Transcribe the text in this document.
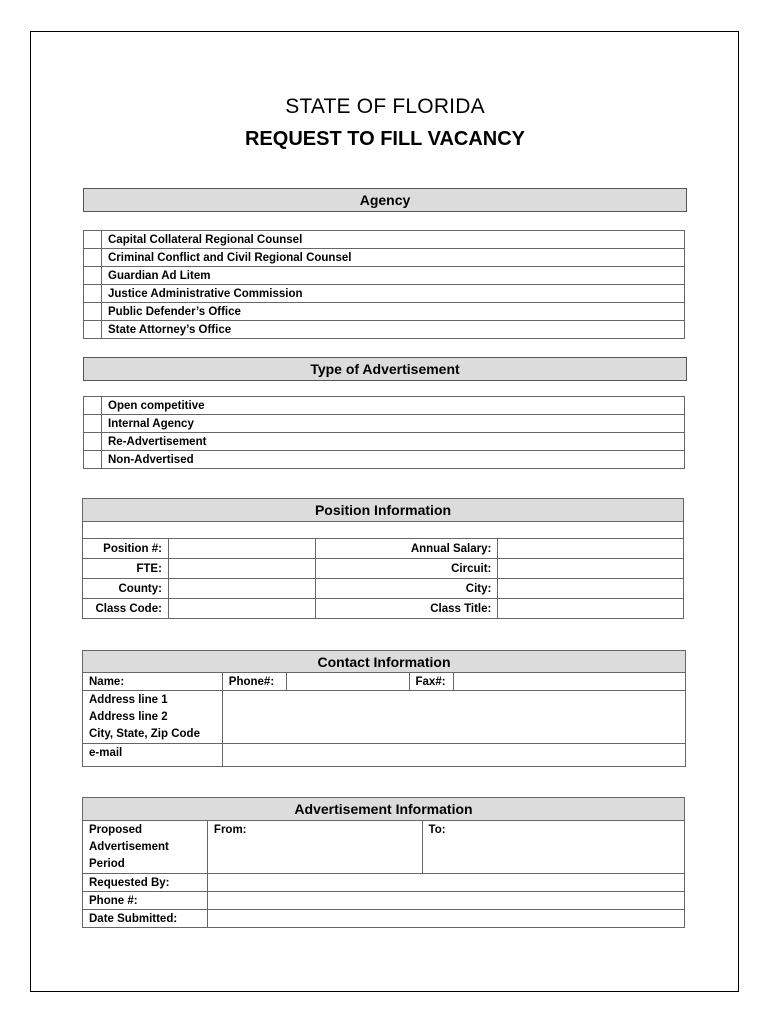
STATE OF FLORIDA
REQUEST TO FILL VACANCY
Agency
	Capital Collateral Regional Counsel
	Criminal Conflict and Civil Regional Counsel
	Guardian Ad Litem
	Justice Administrative Commission
	Public Defender’s Office
	State Attorney’s Office
Type of Advertisement
	Open competitive
	Internal Agency
	Re-Advertisement
	Non-Advertised
Position Information			

Position #:		Annual Salary:	
FTE:		Circuit:	
County:		City:	
Class Code:		Class Title:	
Contact Information				
Name:	Phone#:		Fax#:	

Address line 1
Address line 2
City, State, Zip Code				

e-mail				
Advertisement Information		

Proposed
Advertisement
Period	From:	To:
Requested By:		
Phone #:		
Date Submitted:		
